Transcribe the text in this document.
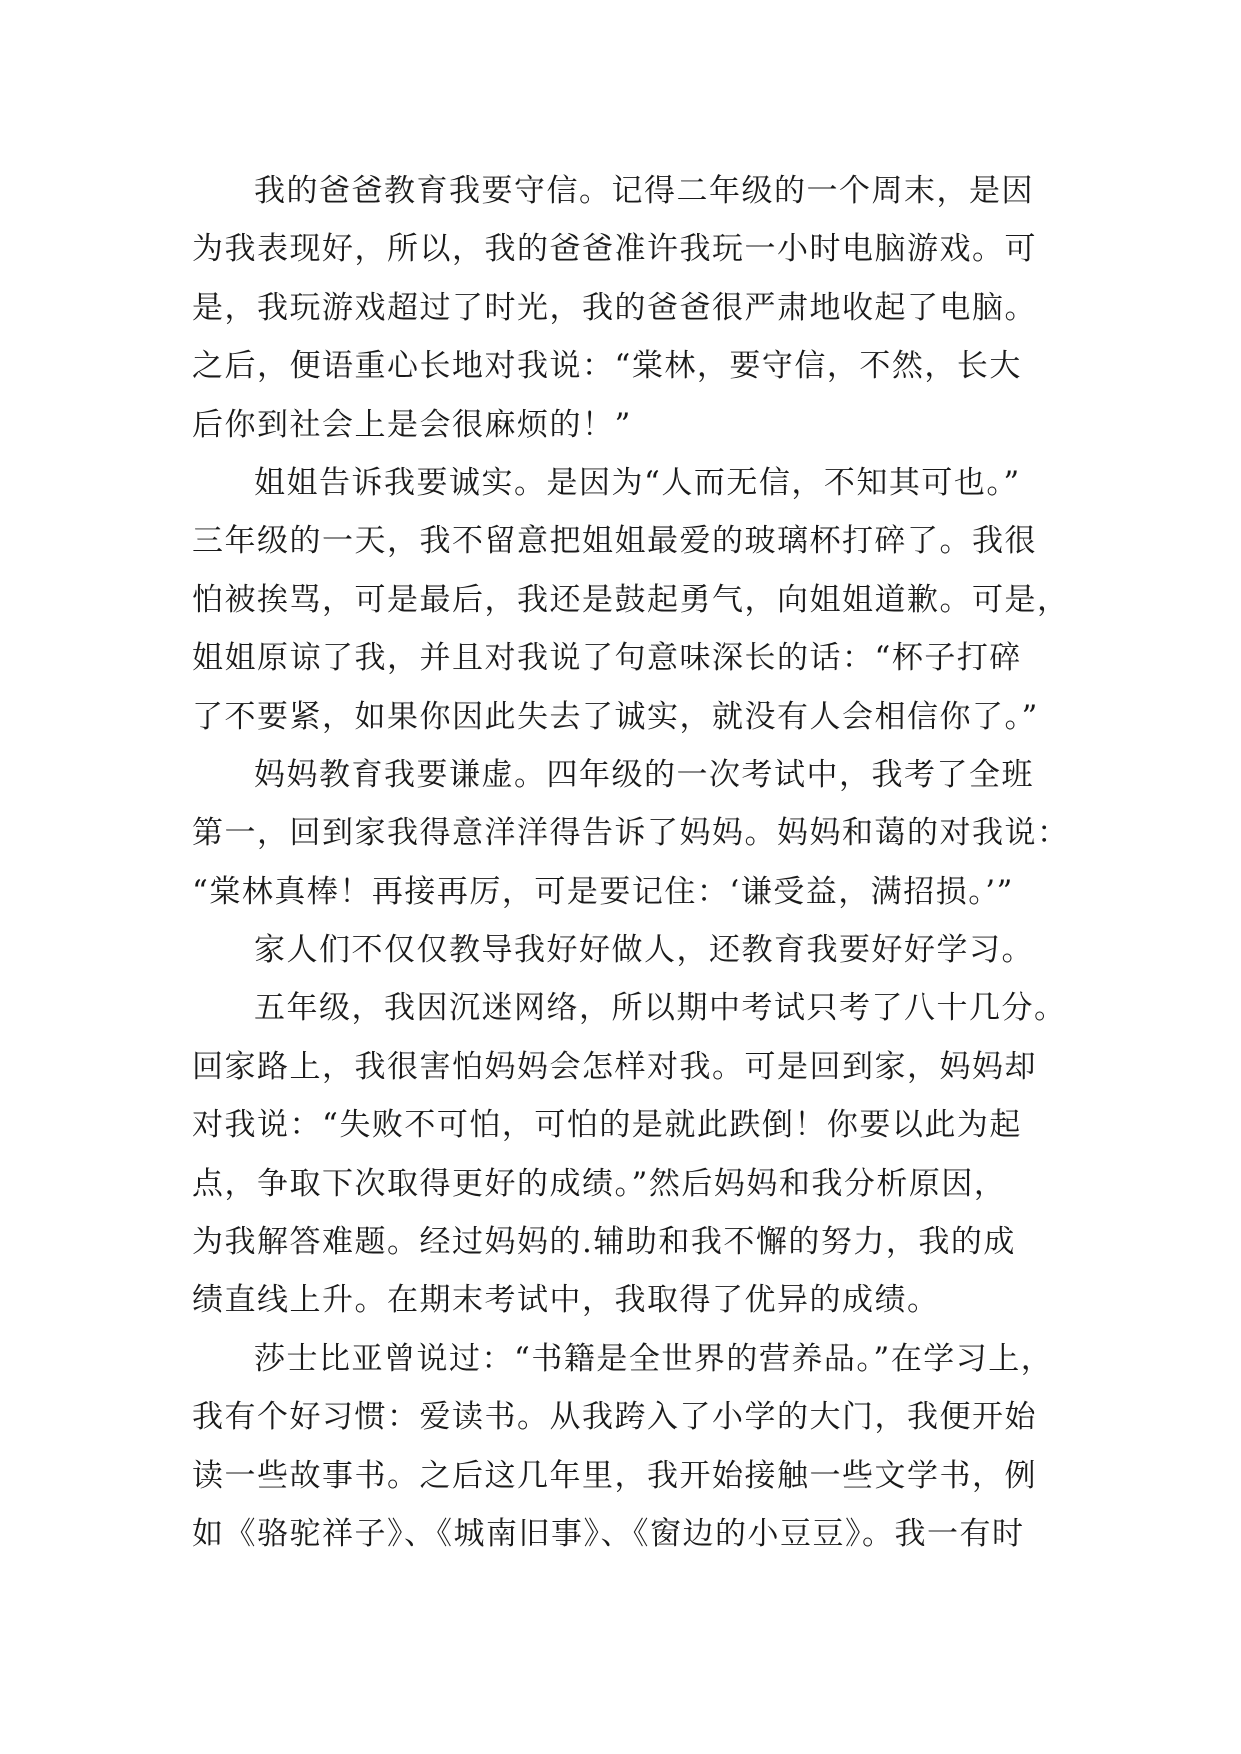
我的爸爸教育我要守信。记得二年级的一个周末，是因
为我表现好，所以，我的爸爸准许我玩一小时电脑游戏。可
是，我玩游戏超过了时光，我的爸爸很严肃地收起了电脑。
之后，便语重心长地对我说：“棠林，要守信，不然，长大
后你到社会上是会很麻烦的！”
姐姐告诉我要诚实。是因为“人而无信，不知其可也。”
三年级的一天，我不留意把姐姐最爱的玻璃杯打碎了。我很
怕被挨骂，可是最后，我还是鼓起勇气，向姐姐道歉。可是，
姐姐原谅了我，并且对我说了句意味深长的话：“杯子打碎
了不要紧，如果你因此失去了诚实，就没有人会相信你了。”
妈妈教育我要谦虚。四年级的一次考试中，我考了全班
第一，回到家我得意洋洋得告诉了妈妈。妈妈和蔼的对我说：
“棠林真棒！再接再厉，可是要记住：‘谦受益，满招损。’”
家人们不仅仅教导我好好做人，还教育我要好好学习。
五年级，我因沉迷网络，所以期中考试只考了八十几分。
回家路上，我很害怕妈妈会怎样对我。可是回到家，妈妈却
对我说：“失败不可怕，可怕的是就此跌倒！你要以此为起
点，争取下次取得更好的成绩。”然后妈妈和我分析原因，
为我解答难题。经过妈妈的.辅助和我不懈的努力，我的成
绩直线上升。在期末考试中，我取得了优异的成绩。
莎士比亚曾说过：“书籍是全世界的营养品。”在学习上，
我有个好习惯：爱读书。从我跨入了小学的大门，我便开始
读一些故事书。之后这几年里，我开始接触一些文学书，例
如《骆驼祥子》、《城南旧事》、《窗边的小豆豆》。我一有时
